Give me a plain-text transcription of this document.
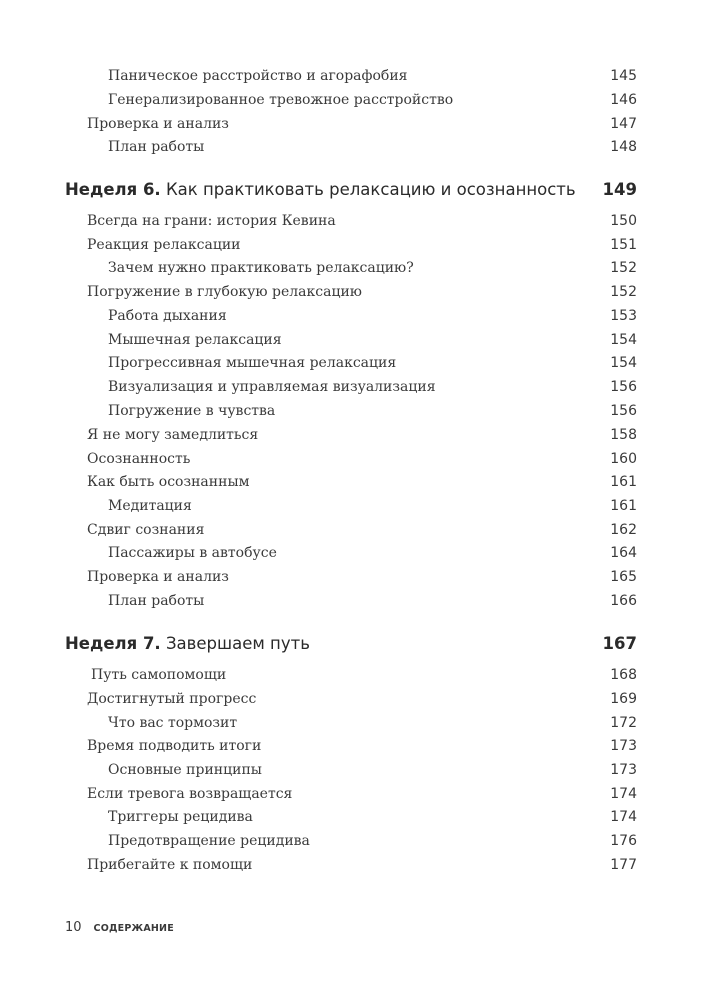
Паническое расстройство и агорафобия	145
Генерализированное тревожное расстройство	146
Проверка и анализ	147
План работы	148
Неделя 6. Как практиковать релаксацию и осознанность 149
Всегда на грани: история Кевина	150
Реакция релаксации	151
Зачем нужно практиковать релаксацию?	152
Погружение в глубокую релаксацию	152
Работа дыхания	153
Мышечная релаксация	154
Прогрессивная мышечная релаксация	154
Визуализация и управляемая визуализация	156
Погружение в чувства	156
Я не могу замедлиться	158
Осознанность	160
Как быть осознанным	161
Медитация	161
Сдвиг сознания	162
Пассажиры в автобусе	164
Проверка и анализ	165
План работы	166
Неделя 7. Завершаем путь	167
Путь самопомощи	168
Достигнутый прогресс	169
Что вас тормозит	172
Время подводить итоги	173
Основные принципы	173
Если тревога возвращается	174
Триггеры рецидива	174
Предотвращение рецидива	176
Прибегайте к помощи	177
10 СОДЕРЖАНИЕ
